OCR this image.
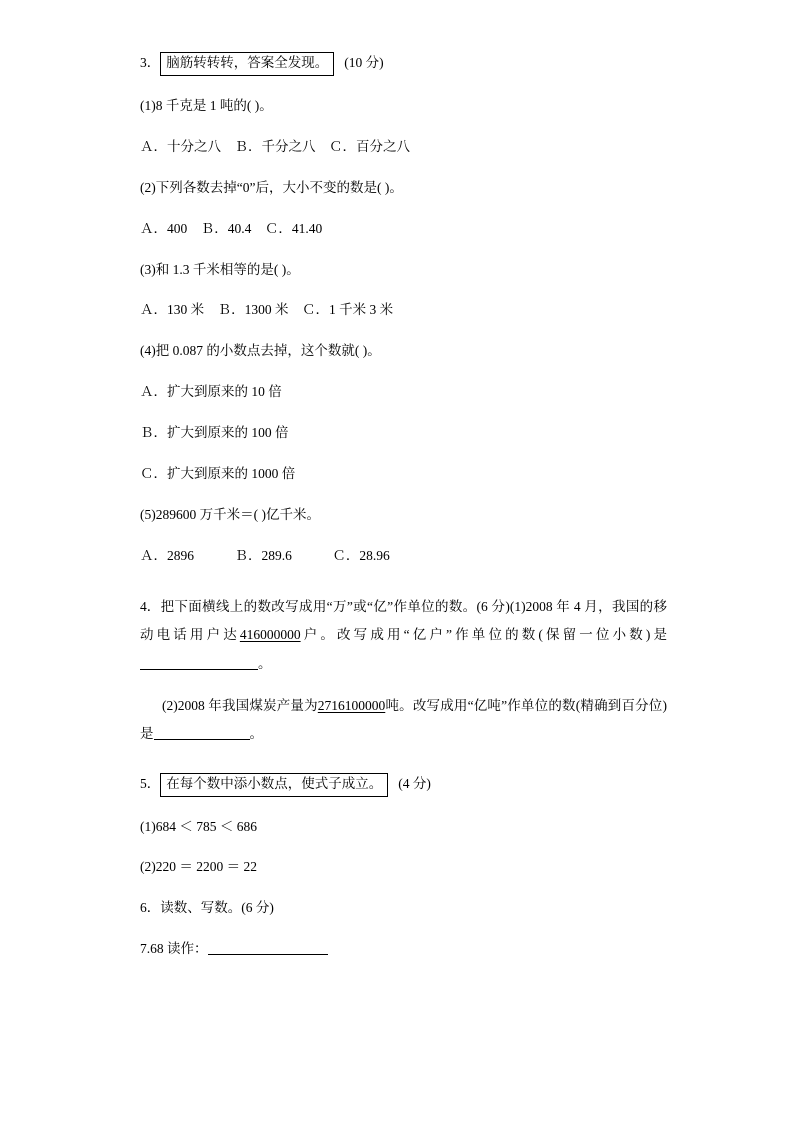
3． 脑筋转转转，答案全发现。 (10 分)
(1)8 千克是 1 吨的( )。
Ａ．十分之八　Ｂ．千分之八　Ｃ．百分之八
(2)下列各数去掉“0”后，大小不变的数是( )。
Ａ．400　Ｂ．40.4　Ｃ．41.40
(3)和 1.3 千米相等的是( )。
Ａ．130 米　Ｂ．1300 米　Ｃ．1 千米 3 米
(4)把 0.087 的小数点去掉，这个数就( )。
Ａ．扩大到原来的 10 倍
Ｂ．扩大到原来的 100 倍
Ｃ．扩大到原来的 1000 倍
(5)289600 万千米＝( )亿千米。
Ａ．2896　　　Ｂ．289.6　　　Ｃ．28.96
4．把下面横线上的数改写成用“万”或“亿”作单位的数。(6 分)(1)2008 年 4 月，我国的移动电话用户达416000000户。改写成用“亿户”作单位的数(保留一位小数)是。
(2)2008 年我国煤炭产量为2716100000吨。改写成用“亿吨”作单位的数(精确到百分位)是	。
5． 在每个数中添小数点，使式子成立。 (4 分)
(1)684 ＜ 785 ＜ 686
(2)220 ＝ 2200 ＝ 22
6．读数、写数。(6 分)
7.68 读作：
